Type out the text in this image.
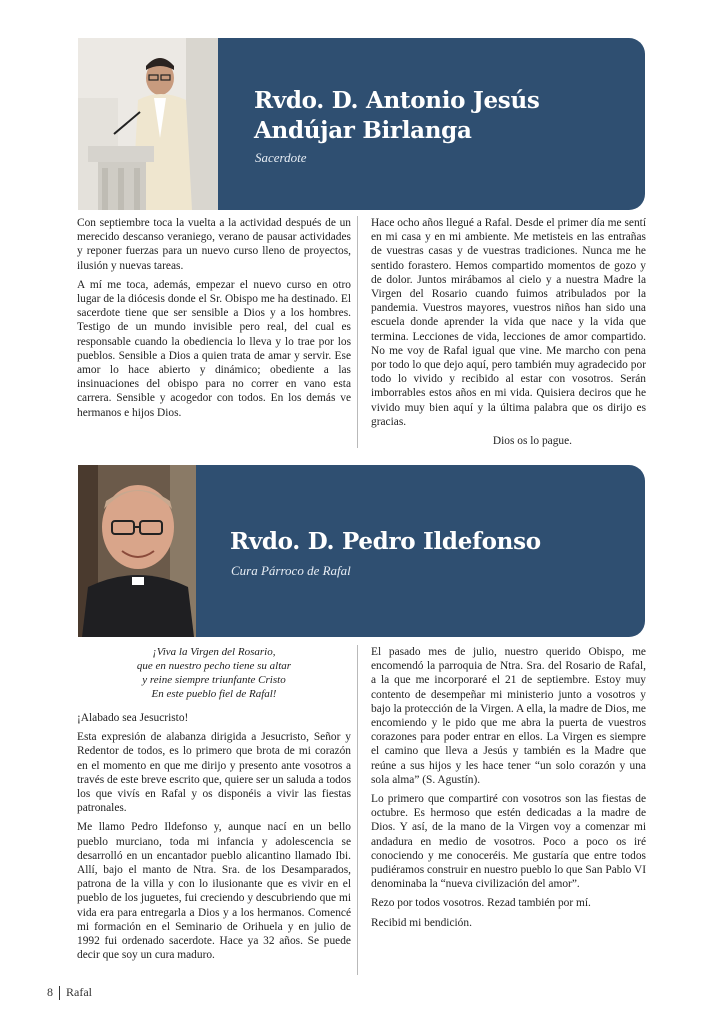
Rvdo. D. Antonio Jesús Andújar Birlanga
Sacerdote

Con septiembre toca la vuelta a la actividad después de un merecido descanso veraniego, verano de pausar actividades y reponer fuerzas para un nuevo curso lleno de proyectos, ilusión y nuevas tareas.

A mí me toca, además, empezar el nuevo curso en otro lugar de la diócesis donde el Sr. Obispo me ha destinado. El sacerdote tiene que ser sensible a Dios y a los hombres. Testigo de un mundo invisible pero real, del cual es responsable cuando la obediencia lo lleva y lo trae por los pueblos. Sensible a Dios a quien trata de amar y servir. Ese amor lo hace abierto y dinámico; obediente a las insinuaciones del obispo para no correr en vano esta carrera. Sensible y acogedor con todos. En los demás ve hermanos e hijos Dios.

Hace ocho años llegué a Rafal. Desde el primer día me sentí en mi casa y en mi ambiente. Me metisteis en las entrañas de vuestras casas y de vuestras tradiciones. Nunca me he sentido forastero. Hemos compartido momentos de gozo y de dolor. Juntos mirábamos al cielo y a nuestra Madre la Virgen del Rosario cuando fuimos atribulados por la pandemia. Vuestros mayores, vuestros niños han sido una escuela donde aprender la vida que nace y la vida que termina. Lecciones de vida, lecciones de amor compartido. No me voy de Rafal igual que vine. Me marcho con pena por todo lo que dejo aquí, pero también muy agradecido por todo lo vivido y recibido al estar con vosotros. Serán imborrables estos años en mi vida. Quisiera deciros que he vivido muy bien aquí y la última palabra que os dirijo es gracias.

Dios os lo pague.

Rvdo. D. Pedro Ildefonso
Cura Párroco de Rafal

¡Viva la Virgen del Rosario,
que en nuestro pecho tiene su altar
y reine siempre triunfante Cristo
En este pueblo fiel de Rafal!

¡Alabado sea Jesucristo!

Esta expresión de alabanza dirigida a Jesucristo, Señor y Redentor de todos, es lo primero que brota de mi corazón en el momento en que me dirijo y presento ante vosotros a través de este breve escrito que, quiere ser un saluda a todos los que vivís en Rafal y os disponéis a vivir las fiestas patronales.

Me llamo Pedro Ildefonso y, aunque nací en un bello pueblo murciano, toda mi infancia y adolescencia se desarrolló en un encantador pueblo alicantino llamado Ibi. Allí, bajo el manto de Ntra. Sra. de los Desamparados, patrona de la villa y con lo ilusionante que es vivir en el pueblo de los juguetes, fui creciendo y descubriendo que mi vida era para entregarla a Dios y a los hermanos. Comencé mi formación en el Seminario de Orihuela y en julio de 1992 fui ordenado sacerdote. Hace ya 32 años. Se puede decir que soy un cura maduro.

El pasado mes de julio, nuestro querido Obispo, me encomendó la parroquia de Ntra. Sra. del Rosario de Rafal, a la que me incorporaré el 21 de septiembre. Estoy muy contento de desempeñar mi ministerio junto a vosotros y bajo la protección de la Virgen. A ella, la madre de Dios, me encomiendo y le pido que me abra la puerta de vuestros corazones para poder entrar en ellos. La Virgen es siempre el camino que lleva a Jesús y también es la Madre que reúne a sus hijos y les hace tener “un solo corazón y una sola alma” (S. Agustín).

Lo primero que compartiré con vosotros son las fiestas de octubre. Es hermoso que estén dedicadas a la madre de Dios. Y así, de la mano de la Virgen voy a comenzar mi andadura en medio de vosotros. Poco a poco os iré conociendo y me conoceréis. Me gustaría que entre todos pudiéramos construir en nuestro pueblo lo que San Pablo VI denominaba la “nueva civilización del amor”.

Rezo por todos vosotros. Rezad también por mí.

Recibid mi bendición.

8 Rafal
